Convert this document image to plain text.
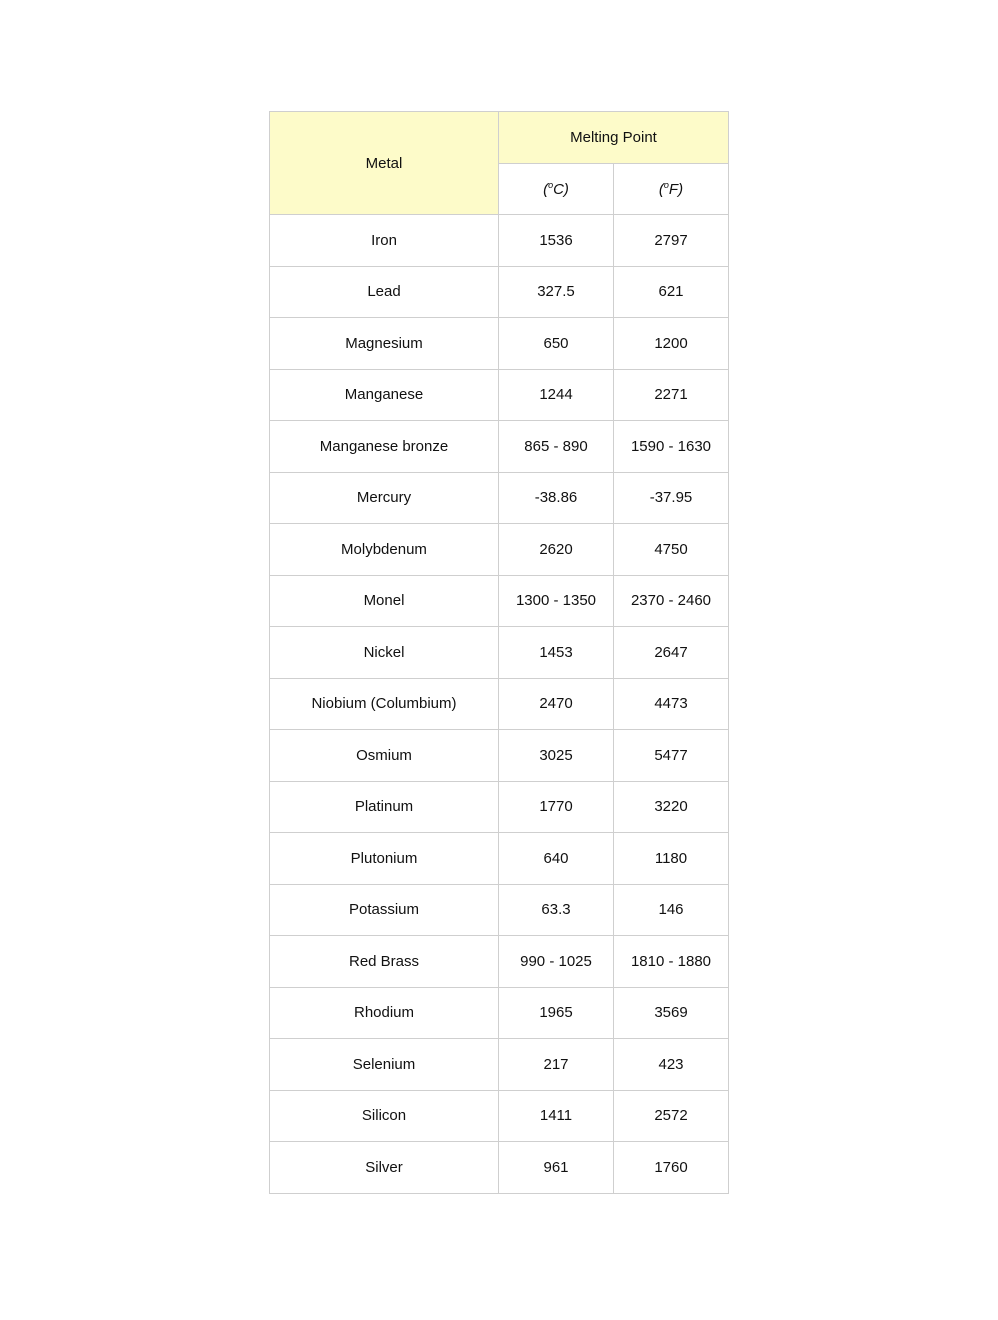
Metal	Melting Point	
	($^o$C)	($^o$F)
Iron	1536	2797
Lead	327.5	621
Magnesium	650	1200
Manganese	1244	2271
Manganese bronze	865 - 890	1590 - 1630
Mercury	-38.86	-37.95
Molybdenum	2620	4750
Monel	1300 - 1350	2370 - 2460
Nickel	1453	2647
Niobium (Columbium)	2470	4473
Osmium	3025	5477
Platinum	1770	3220
Plutonium	640	1180
Potassium	63.3	146
Red Brass	990 - 1025	1810 - 1880
Rhodium	1965	3569
Selenium	217	423
Silicon	1411	2572
Silver	961	1760
